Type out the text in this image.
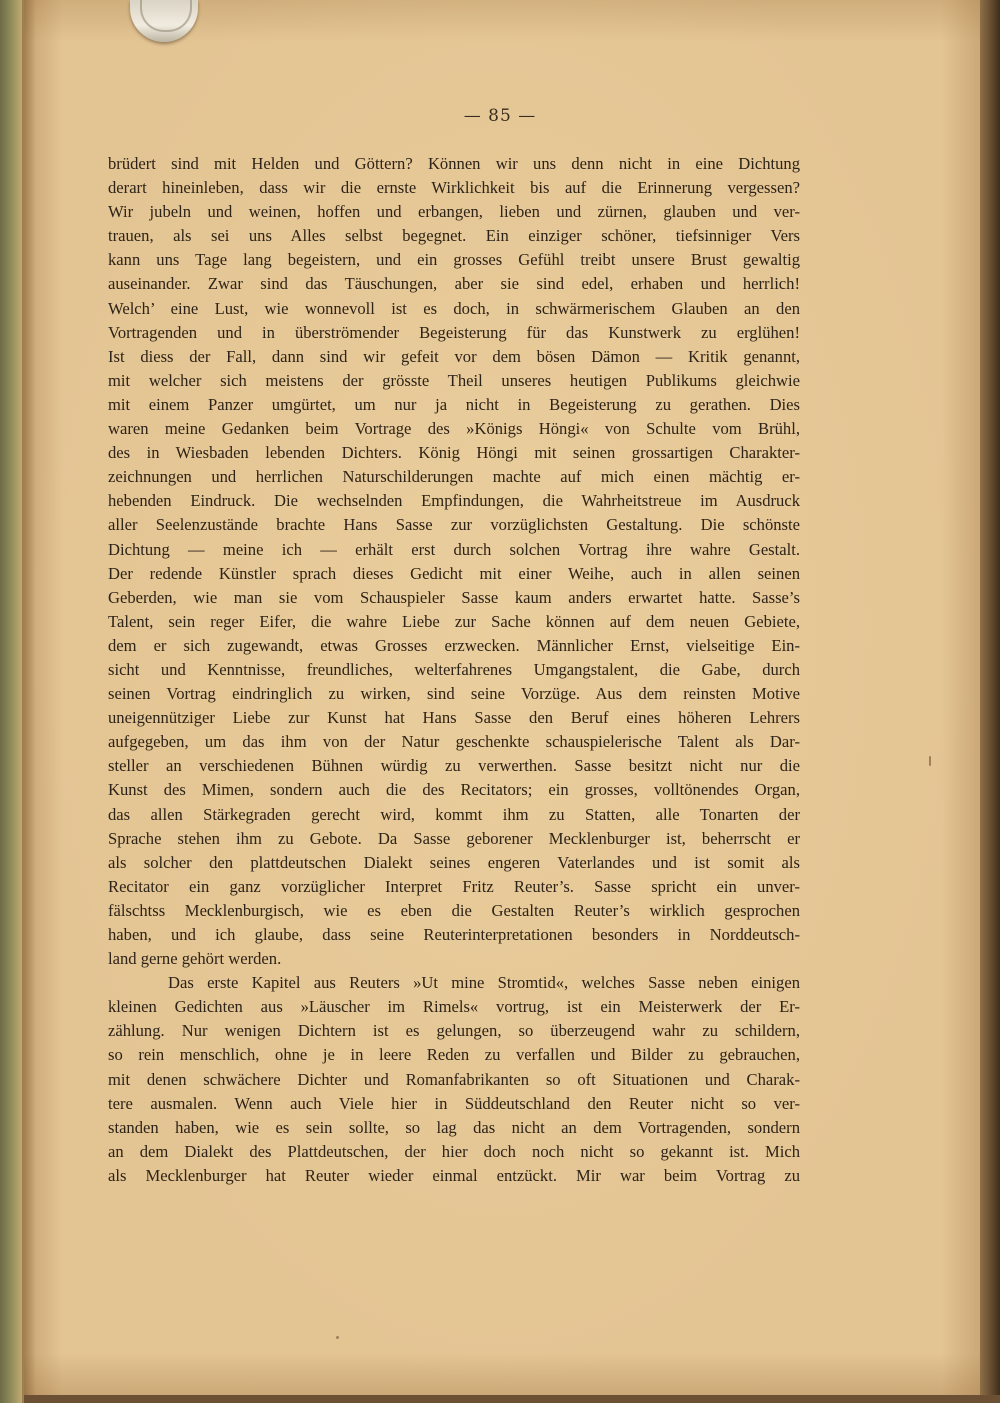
— 85 —
brüdert sind mit Helden und Göttern? Können wir uns denn nicht in eine Dichtung
derart hineinleben, dass wir die ernste Wirklichkeit bis auf die Erinnerung vergessen?
Wir jubeln und weinen, hoffen und erbangen, lieben und zürnen, glauben und ver-
trauen, als sei uns Alles selbst begegnet. Ein einziger schöner, tiefsinniger Vers
kann uns Tage lang begeistern, und ein grosses Gefühl treibt unsere Brust gewaltig
auseinander. Zwar sind das Täuschungen, aber sie sind edel, erhaben und herrlich!
Welch’ eine Lust, wie wonnevoll ist es doch, in schwärmerischem Glauben an den
Vortragenden und in überströmender Begeisterung für das Kunstwerk zu erglühen!
Ist diess der Fall, dann sind wir gefeit vor dem bösen Dämon — Kritik genannt,
mit welcher sich meistens der grösste Theil unseres heutigen Publikums gleichwie
mit einem Panzer umgürtet, um nur ja nicht in Begeisterung zu gerathen. Dies
waren meine Gedanken beim Vortrage des »Königs Höngi« von Schulte vom Brühl,
des in Wiesbaden lebenden Dichters. König Höngi mit seinen grossartigen Charakter-
zeichnungen und herrlichen Naturschilderungen machte auf mich einen mächtig er-
hebenden Eindruck. Die wechselnden Empfindungen, die Wahrheitstreue im Ausdruck
aller Seelenzustände brachte Hans Sasse zur vorzüglichsten Gestaltung. Die schönste
Dichtung — meine ich — erhält erst durch solchen Vortrag ihre wahre Gestalt.
Der redende Künstler sprach dieses Gedicht mit einer Weihe, auch in allen seinen
Geberden, wie man sie vom Schauspieler Sasse kaum anders erwartet hatte. Sasse’s
Talent, sein reger Eifer, die wahre Liebe zur Sache können auf dem neuen Gebiete,
dem er sich zugewandt, etwas Grosses erzwecken. Männlicher Ernst, vielseitige Ein-
sicht und Kenntnisse, freundliches, welterfahrenes Umgangstalent, die Gabe, durch
seinen Vortrag eindringlich zu wirken, sind seine Vorzüge. Aus dem reinsten Motive
uneigennütziger Liebe zur Kunst hat Hans Sasse den Beruf eines höheren Lehrers
aufgegeben, um das ihm von der Natur geschenkte schauspielerische Talent als Dar-
steller an verschiedenen Bühnen würdig zu verwerthen. Sasse besitzt nicht nur die
Kunst des Mimen, sondern auch die des Recitators; ein grosses, volltönendes Organ,
das allen Stärkegraden gerecht wird, kommt ihm zu Statten, alle Tonarten der
Sprache stehen ihm zu Gebote. Da Sasse geborener Mecklenburger ist, beherrscht er
als solcher den plattdeutschen Dialekt seines engeren Vaterlandes und ist somit als
Recitator ein ganz vorzüglicher Interpret Fritz Reuter’s. Sasse spricht ein unver-
fälschtss Mecklenburgisch, wie es eben die Gestalten Reuter’s wirklich gesprochen
haben, und ich glaube, dass seine Reuterinterpretationen besonders in Norddeutsch-
land gerne gehört werden.
Das erste Kapitel aus Reuters »Ut mine Stromtid«, welches Sasse neben einigen
kleinen Gedichten aus »Läuscher im Rimels« vortrug, ist ein Meisterwerk der Er-
zählung. Nur wenigen Dichtern ist es gelungen, so überzeugend wahr zu schildern,
so rein menschlich, ohne je in leere Reden zu verfallen und Bilder zu gebrauchen,
mit denen schwächere Dichter und Romanfabrikanten so oft Situationen und Charak-
tere ausmalen. Wenn auch Viele hier in Süddeutschland den Reuter nicht so ver-
standen haben, wie es sein sollte, so lag das nicht an dem Vortragenden, sondern
an dem Dialekt des Plattdeutschen, der hier doch noch nicht so gekannt ist. Mich
als Mecklenburger hat Reuter wieder einmal entzückt. Mir war beim Vortrag zu
